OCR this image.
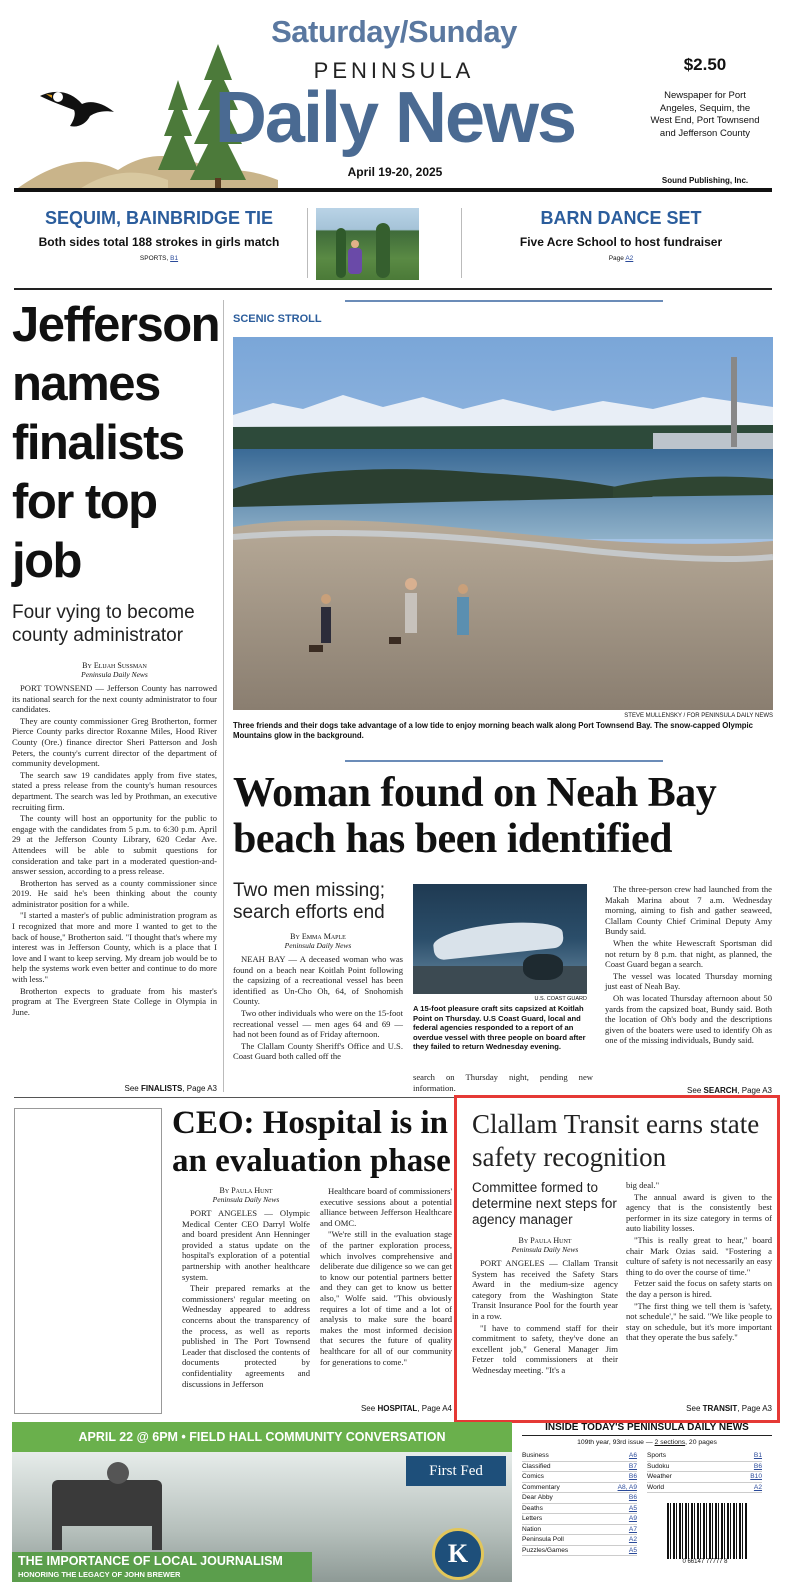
Saturday/Sunday
PENINSULA
Daily News
April 19-20, 2025
$2.50
Newspaper for Port Angeles, Sequim, the West End, Port Townsend and Jefferson County
Sound Publishing, Inc.
SEQUIM, BAINBRIDGE TIE
Both sides total 188 strokes in girls match
SPORTS, B1
BARN DANCE SET
Five Acre School to host fundraiser
Page A2
Jefferson names finalists for top job
Four vying to become county administrator
By Elijah Sussman
Peninsula Daily News

PORT TOWNSEND — Jefferson County has narrowed its national search for the next county administrator to four candidates.

They are county commissioner Greg Brotherton, former Pierce County parks director Roxanne Miles, Hood River County (Ore.) finance director Sheri Patterson and Josh Peters, the county's current director of the department of community development.

The search saw 19 candidates apply from five states, stated a press release from the county's human resources department. The search was led by Prothman, an executive recruiting firm.

The county will host an opportunity for the public to engage with the candidates from 5 p.m. to 6:30 p.m. April 29 at the Jefferson County Library, 620 Cedar Ave. Attendees will be able to submit questions for consideration and take part in a moderated question-and-answer session, according to a press release.

Brotherton has served as a county commissioner since 2019. He said he's been thinking about the county administrator position for a while.

"I started a master's of public administration program as I recognized that more and more I wanted to get to the back of house," Brotherton said. "I thought that's where my interest was in Jefferson County, which is a place that I love and I want to keep serving. My dream job would be to help the systems work even better and continue to do more with less."

Brotherton expects to graduate from his master's program at The Evergreen State College in Olympia in June.

See FINALISTS, Page A3
SCENIC STROLL
STEVE MULLENSKY / FOR PENINSULA DAILY NEWS
Three friends and their dogs take advantage of a low tide to enjoy morning beach walk along Port Townsend Bay. The snow-capped Olympic Mountains glow in the background.
Woman found on Neah Bay beach has been identified
Two men missing; search efforts end
By Emma Maple
Peninsula Daily News

NEAH BAY — A deceased woman who was found on a beach near Koitlah Point following the capsizing of a recreational vessel has been identified as Un-Cho Oh, 64, of Snohomish County.

Two other individuals who were on the 15-foot recreational vessel — men ages 64 and 69 — had not been found as of Friday afternoon.

The Clallam County Sheriff's Office and U.S. Coast Guard both called off the

U.S. COAST GUARD
A 15-foot pleasure craft sits capsized at Koitlah Point on Thursday. U.S Coast Guard, local and federal agencies responded to a report of an overdue vessel with three people on board after they failed to return Wednesday evening.
search on Thursday night, pending new information.

The three-person crew had launched from the Makah Marina about 7 a.m. Wednesday morning, aiming to fish and gather seaweed, Clallam County Chief Criminal Deputy Amy Bundy said.

When the white Hewescraft Sportsman did not return by 8 p.m. that night, as planned, the Coast Guard began a search.

The vessel was located Thursday morning just east of Neah Bay.

Oh was located Thursday afternoon about 50 yards from the capsized boat, Bundy said. Both the location of Oh's body and the descriptions given of the boaters were used to identify Oh as one of the missing individuals, Bundy said.

See SEARCH, Page A3
CEO: Hospital is in an evaluation phase
By Paula Hunt
Peninsula Daily News

PORT ANGELES — Olympic Medical Center CEO Darryl Wolfe and board president Ann Henninger provided a status update on the hospital's exploration of a potential partnership with another healthcare system.

Their prepared remarks at the commissioners' regular meeting on Wednesday appeared to address concerns about the transparency of the process, as well as reports published in The Port Townsend Leader that disclosed the contents of documents protected by confidentiality agreements and discussions in Jefferson

Healthcare board of commissioners' executive sessions about a potential alliance between Jefferson Healthcare and OMC.

"We're still in the evaluation stage of the partner exploration process, which involves comprehensive and deliberate due diligence so we can get to know our potential partners better and they can get to know us better also," Wolfe said. "This obviously requires a lot of time and a lot of analysis to make sure the board makes the most informed decision that secures the future of quality healthcare for all of our community for generations to come."

See HOSPITAL, Page A4
Clallam Transit earns state safety recognition
Committee formed to determine next steps for agency manager
By Paula Hunt
Peninsula Daily News

PORT ANGELES — Clallam Transit System has received the Safety Stars Award in the medium-size agency category from the Washington State Transit Insurance Pool for the fourth year in a row.

"I have to commend staff for their commitment to safety, they've done an excellent job," General Manager Jim Fetzer told commissioners at their Wednesday meeting. "It's a

big deal."

The annual award is given to the agency that is the consistently best performer in its size category in terms of auto liability losses.

"This is really great to hear," board chair Mark Ozias said. "Fostering a culture of safety is not necessarily an easy thing to do over the course of time."

Fetzer said the focus on safety starts on the day a person is hired.

"The first thing we tell them is 'safety, not schedule'," he said. "We like people to stay on schedule, but it's more important that they operate the bus safely."

See TRANSIT, Page A3
APRIL 22 @ 6PM • FIELD HALL COMMUNITY CONVERSATION
First Fed
THE IMPORTANCE OF LOCAL JOURNALISM
HONORING THE LEGACY OF JOHN BREWER
K
INSIDE TODAY'S PENINSULA DAILY NEWS
109th year, 93rd issue — 2 sections, 20 pages
Business	A6
Classified	B7
Comics	B6
Commentary	A8, A9
Dear Abby	B6
Deaths	A5
Letters	A9
Nation	A7
Peninsula Poll	A2
Puzzles/Games	A5
Sports	B1
Sudoku	B6
Weather	B10
World	A2
0 66147 77777 8
